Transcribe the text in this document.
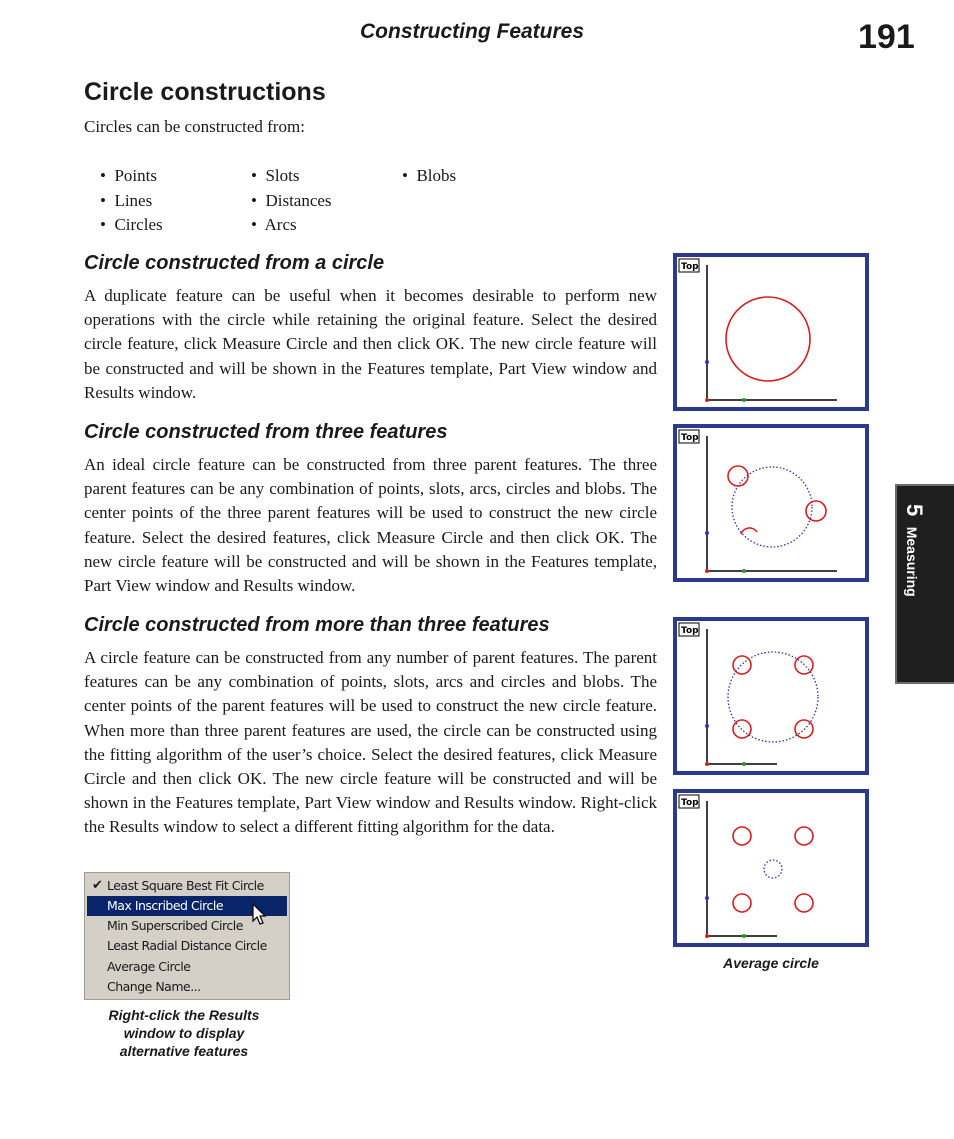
Constructing Features	191
Circle constructions

Circles can be constructed from:

•  Points
•  Lines
•  Circles
•  Slots
•  Distances
•  Arcs
•  Blobs
Circle constructed from a circle

A duplicate feature can be useful when it becomes desirable to perform new operations with the circle while retaining the original feature. Select the desired circle feature, click Measure Circle and then click OK. The new circle feature will be constructed and will be shown in the Features template, Part View window and Results window.

Circle constructed from three features

An ideal circle feature can be constructed from three parent features. The three parent features can be any combination of points, slots, arcs, circles and blobs. The center points of the three parent features will be used to construct the new circle feature. Select the desired features, click Measure Circle and then click OK. The new circle feature will be constructed and will be shown in the Features template, Part View window and Results window.

Circle constructed from more than three features

A circle feature can be constructed from any number of parent features. The parent features can be any combination of points, slots, arcs and circles and blobs. The center points of the parent features will be used to construct the new circle feature. When more than three parent features are used, the circle can be constructed using the fitting algorithm of the user’s choice. Select the desired features, click Measure Circle and then click OK. The new circle feature will be constructed and will be shown in the Features template, Part View window and Results window. Right-click the Results window to select a different fitting algorithm for the data.

Top
Top
Top
Top
Average circle
✔ Least Square Best Fit Circle
Max Inscribed Circle
Min Superscribed Circle
Least Radial Distance Circle
Average Circle
Change Name...
Right-click the Results
window to display
alternative features
5 Measuring
